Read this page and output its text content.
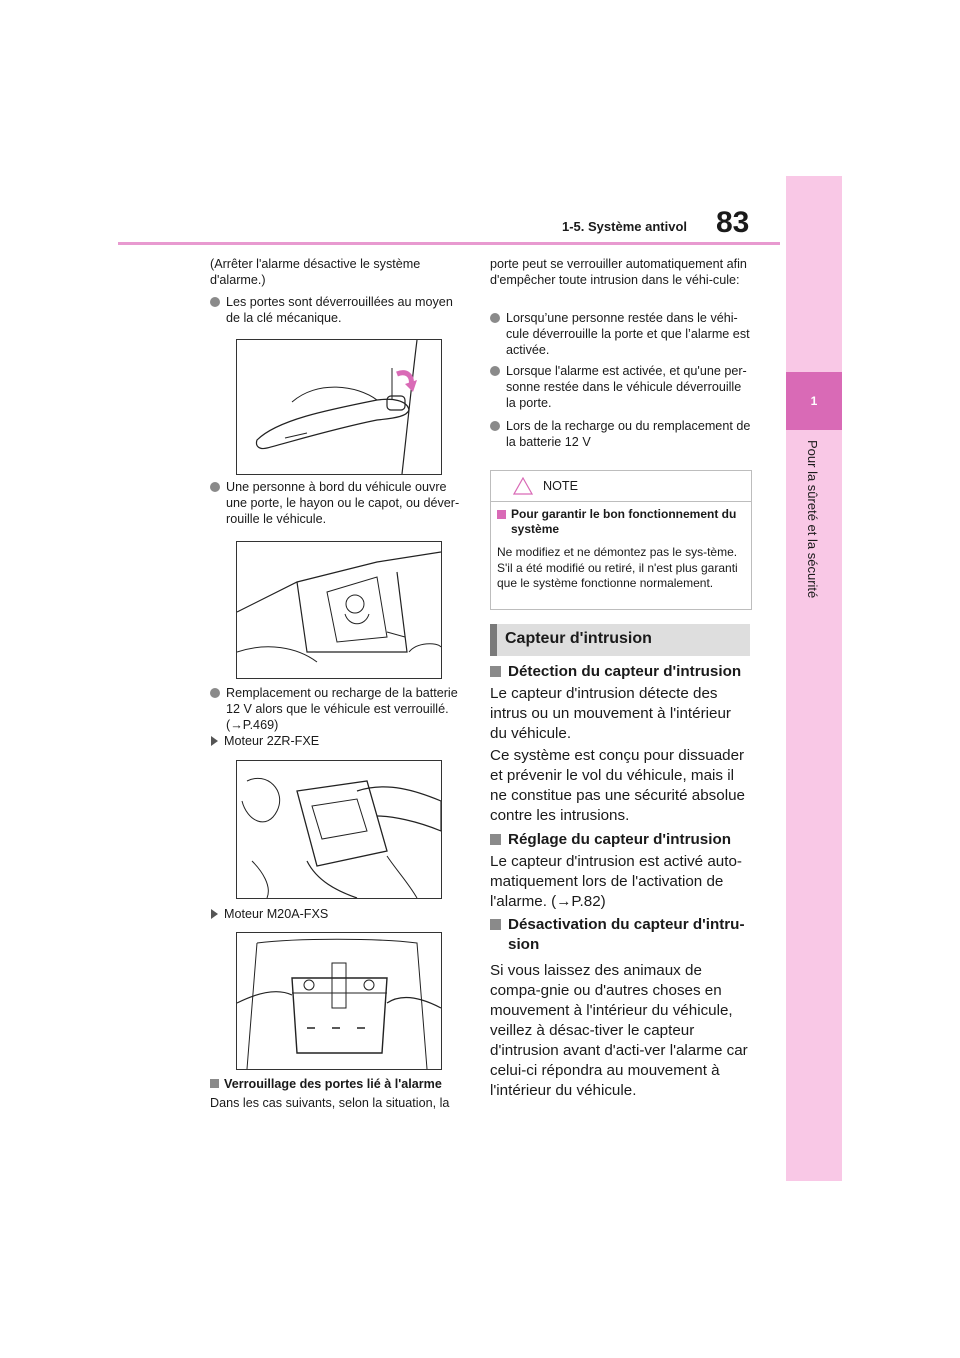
1-5. Système antivol 83
1
Pour la sûreté et la sécurité
(Arrêter l'alarme désactive le système d'alarme.)
Les portes sont déverrouillées au moyen de la clé mécanique.
Une personne à bord du véhicule ouvre une porte, le hayon ou le capot, ou déver-rouille le véhicule.
Remplacement ou recharge de la batterie 12 V alors que le véhicule est verrouillé. (→P.469)
Moteur 2ZR-FXE
Moteur M20A-FXS
Verrouillage des portes lié à l'alarme
Dans les cas suivants, selon la situation, la
porte peut se verrouiller automatiquement afin d'empêcher toute intrusion dans le véhi-cule:
Lorsqu’une personne restée dans le véhi-cule déverrouille la porte et que l’alarme est activée.
Lorsque l'alarme est activée, et qu'une per-sonne restée dans le véhicule déverrouille la porte.
Lors de la recharge ou du remplacement de la batterie 12 V
NOTE
Pour garantir le bon fonctionnement du système
Ne modifiez et ne démontez pas le sys-tème. S'il a été modifié ou retiré, il n'est plus garanti que le système fonctionne normalement.
Capteur d'intrusion
Détection du capteur d'intrusion
Le capteur d'intrusion détecte des intrus ou un mouvement à l'intérieur du véhicule.
Ce système est conçu pour dissuader et prévenir le vol du véhicule, mais il ne constitue pas une sécurité absolue contre les intrusions.
Réglage du capteur d'intrusion
Le capteur d'intrusion est activé auto-matiquement lors de l'activation de l'alarme. (→P.82)
Désactivation du capteur d'intru-sion
Si vous laissez des animaux de compa-gnie ou d'autres choses en mouvement à l'intérieur du véhicule, veillez à désac-tiver le capteur d'intrusion avant d'acti-ver l'alarme car celui-ci répondra au mouvement à l'intérieur du véhicule.
